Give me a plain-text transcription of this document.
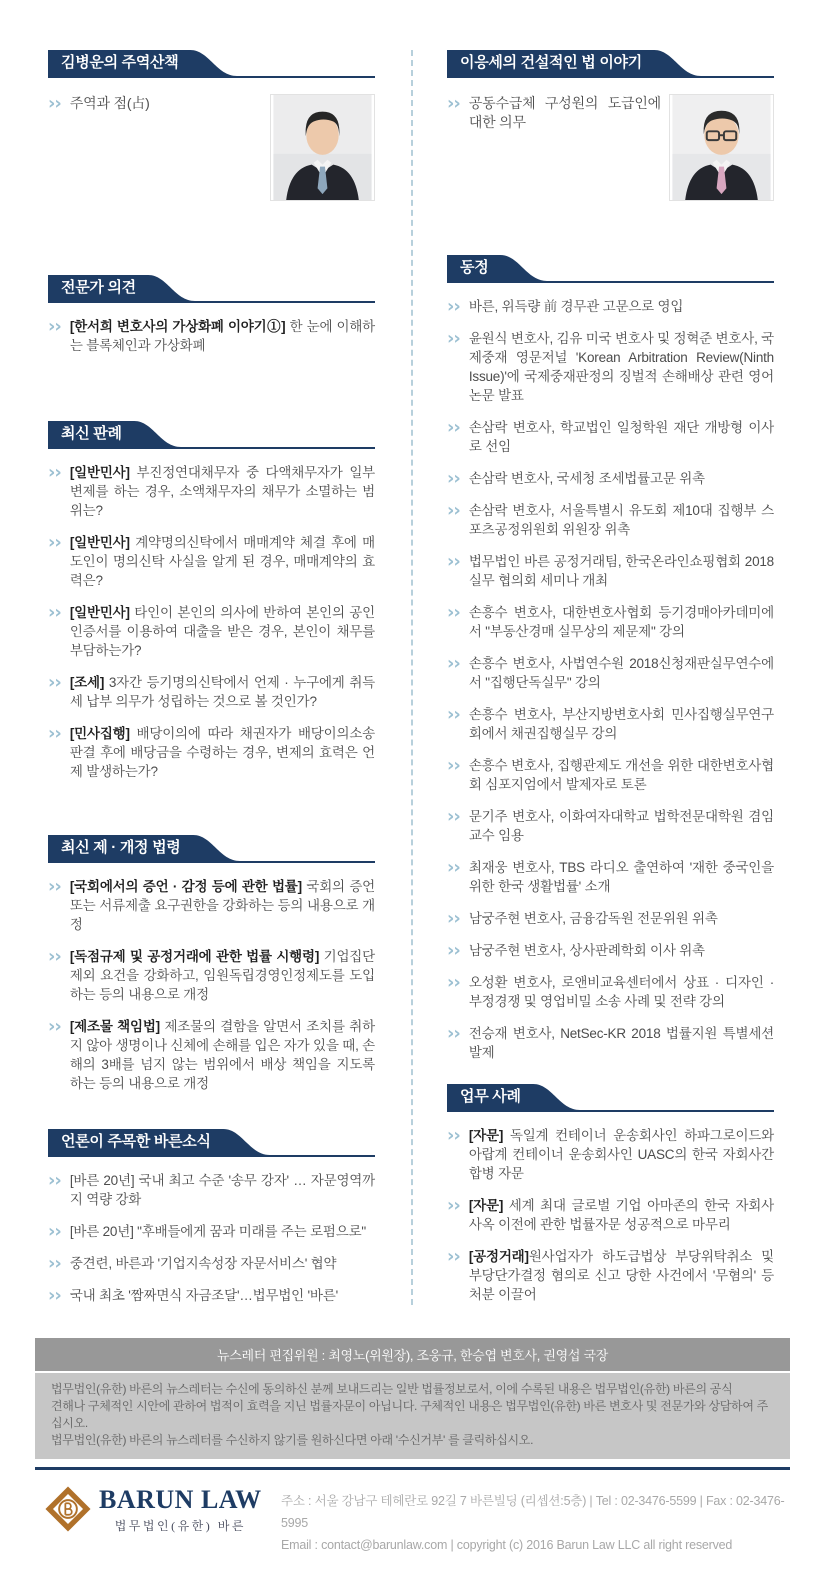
김병운의 주역산책
›› 주역과 점(占)
전문가 의견
›› [한서희 변호사의 가상화폐 이야기①] 한 눈에 이해하는 블록체인과 가상화폐
최신 판례
›› [일반민사] 부진정연대채무자 중 다액채무자가 일부 변제를 하는 경우, 소액채무자의 채무가 소멸하는 범위는?
›› [일반민사] 계약명의신탁에서 매매계약 체결 후에 매도인이 명의신탁 사실을 알게 된 경우, 매매계약의 효력은?
›› [일반민사] 타인이 본인의 의사에 반하여 본인의 공인인증서를 이용하여 대출을 받은 경우, 본인이 채무를 부담하는가?
›› [조세] 3자간 등기명의신탁에서 언제 · 누구에게 취득세 납부 의무가 성립하는 것으로 볼 것인가?
›› [민사집행] 배당이의에 따라 채권자가 배당이의소송 판결 후에 배당금을 수령하는 경우, 변제의 효력은 언제 발생하는가?
최신 제 · 개정 법령
›› [국회에서의 증언 · 감정 등에 관한 법률] 국회의 증언 또는 서류제출 요구권한을 강화하는 등의 내용으로 개정
›› [독점규제 및 공정거래에 관한 법률 시행령] 기업집단 제외 요건을 강화하고, 임원독립경영인정제도를 도입하는 등의 내용으로 개정
›› [제조물 책임법] 제조물의 결함을 알면서 조치를 취하지 않아 생명이나 신체에 손해를 입은 자가 있을 때, 손해의 3배를 넘지 않는 범위에서 배상 책임을 지도록 하는 등의 내용으로 개정
언론이 주목한 바른소식
›› [바른 20년] 국내 최고 수준 '송무 강자' … 자문영역까지 역량 강화
›› [바른 20년] "후배들에게 꿈과 미래를 주는 로펌으로"
›› 중견련, 바른과 '기업지속성장 자문서비스' 협약
›› 국내 최초 '짬짜면식 자금조달'…법무법인 '바른'
이응세의 건설적인 법 이야기
›› 공동수급체 구성원의 도급인에 대한 의무
동정
›› 바른, 위득량 前 경무관 고문으로 영입
›› 윤원식 변호사, 김유 미국 변호사 및 정혁준 변호사, 국제중재 영문저널 'Korean Arbitration Review(Ninth Issue)'에 국제중재판정의 징벌적 손해배상 관련 영어 논문 발표
›› 손삼락 변호사, 학교법인 일청학원 재단 개방형 이사로 선임
›› 손삼락 변호사, 국세청 조세법률고문 위촉
›› 손삼락 변호사, 서울특별시 유도회 제10대 집행부 스포츠공정위원회 위원장 위촉
›› 법무법인 바른 공정거래팀, 한국온라인쇼핑협회 2018 실무 협의회 세미나 개최
›› 손흥수 변호사, 대한변호사협회 등기경매아카데미에서 "부동산경매 실무상의 제문제" 강의
›› 손흥수 변호사, 사법연수원 2018신청재판실무연수에서 "집행단독실무" 강의
›› 손흥수 변호사, 부산지방변호사회 민사집행실무연구회에서 채권집행실무 강의
›› 손흥수 변호사, 집행관제도 개선을 위한 대한변호사협회 심포지엄에서 발제자로 토론
›› 문기주 변호사, 이화여자대학교 법학전문대학원 겸임교수 임용
›› 최재웅 변호사, TBS 라디오 출연하여 '재한 중국인을 위한 한국 생활법률' 소개
›› 남궁주현 변호사, 금융감독원 전문위원 위촉
›› 남궁주현 변호사, 상사판례학회 이사 위촉
›› 오성환 변호사, 로앤비교육센터에서 상표 · 디자인 · 부정경쟁 및 영업비밀 소송 사례 및 전략 강의
›› 전승재 변호사, NetSec-KR 2018 법률지원 특별세션 발제
업무 사례
›› [자문] 독일계 컨테이너 운송회사인 하파그로이드와 아랍계 컨테이너 운송회사인 UASC의 한국 자회사간 합병 자문
›› [자문] 세계 최대 글로벌 기업 아마존의 한국 자회사 사옥 이전에 관한 법률자문 성공적으로 마무리
›› [공정거래]원사업자가 하도급법상 부당위탁취소 및 부당단가결정 혐의로 신고 당한 사건에서 '무혐의' 등 처분 이끌어
뉴스레터 편집위원 : 최영노(위원장), 조웅규, 한승엽 변호사, 권영섭 국장
법무법인(유한) 바른의 뉴스레터는 수신에 동의하신 분께 보내드리는 일반 법률정보로서, 이에 수록된 내용은 법무법인(유한) 바른의 공식
견해나 구체적인 시안에 관하여 법적이 효력을 지닌 법률자문이 아닙니다. 구체적인 내용은 법무법인(유한) 바른 변호사 및 전문가와 상담하여 주십시오.
법무법인(유한) 바른의 뉴스레터를 수신하지 않기를 원하신다면 아래 '수신거부' 를 클릭하십시오.
BARUN LAW
법무법인(유한) 바른
주소 : 서울 강남구 테헤란로 92길 7 바른빌딩 (리셉션:5층) | Tel : 02-3476-5599 | Fax : 02-3476-5995
Email : contact@barunlaw.com | copyright (c) 2016 Barun Law LLC all right reserved
